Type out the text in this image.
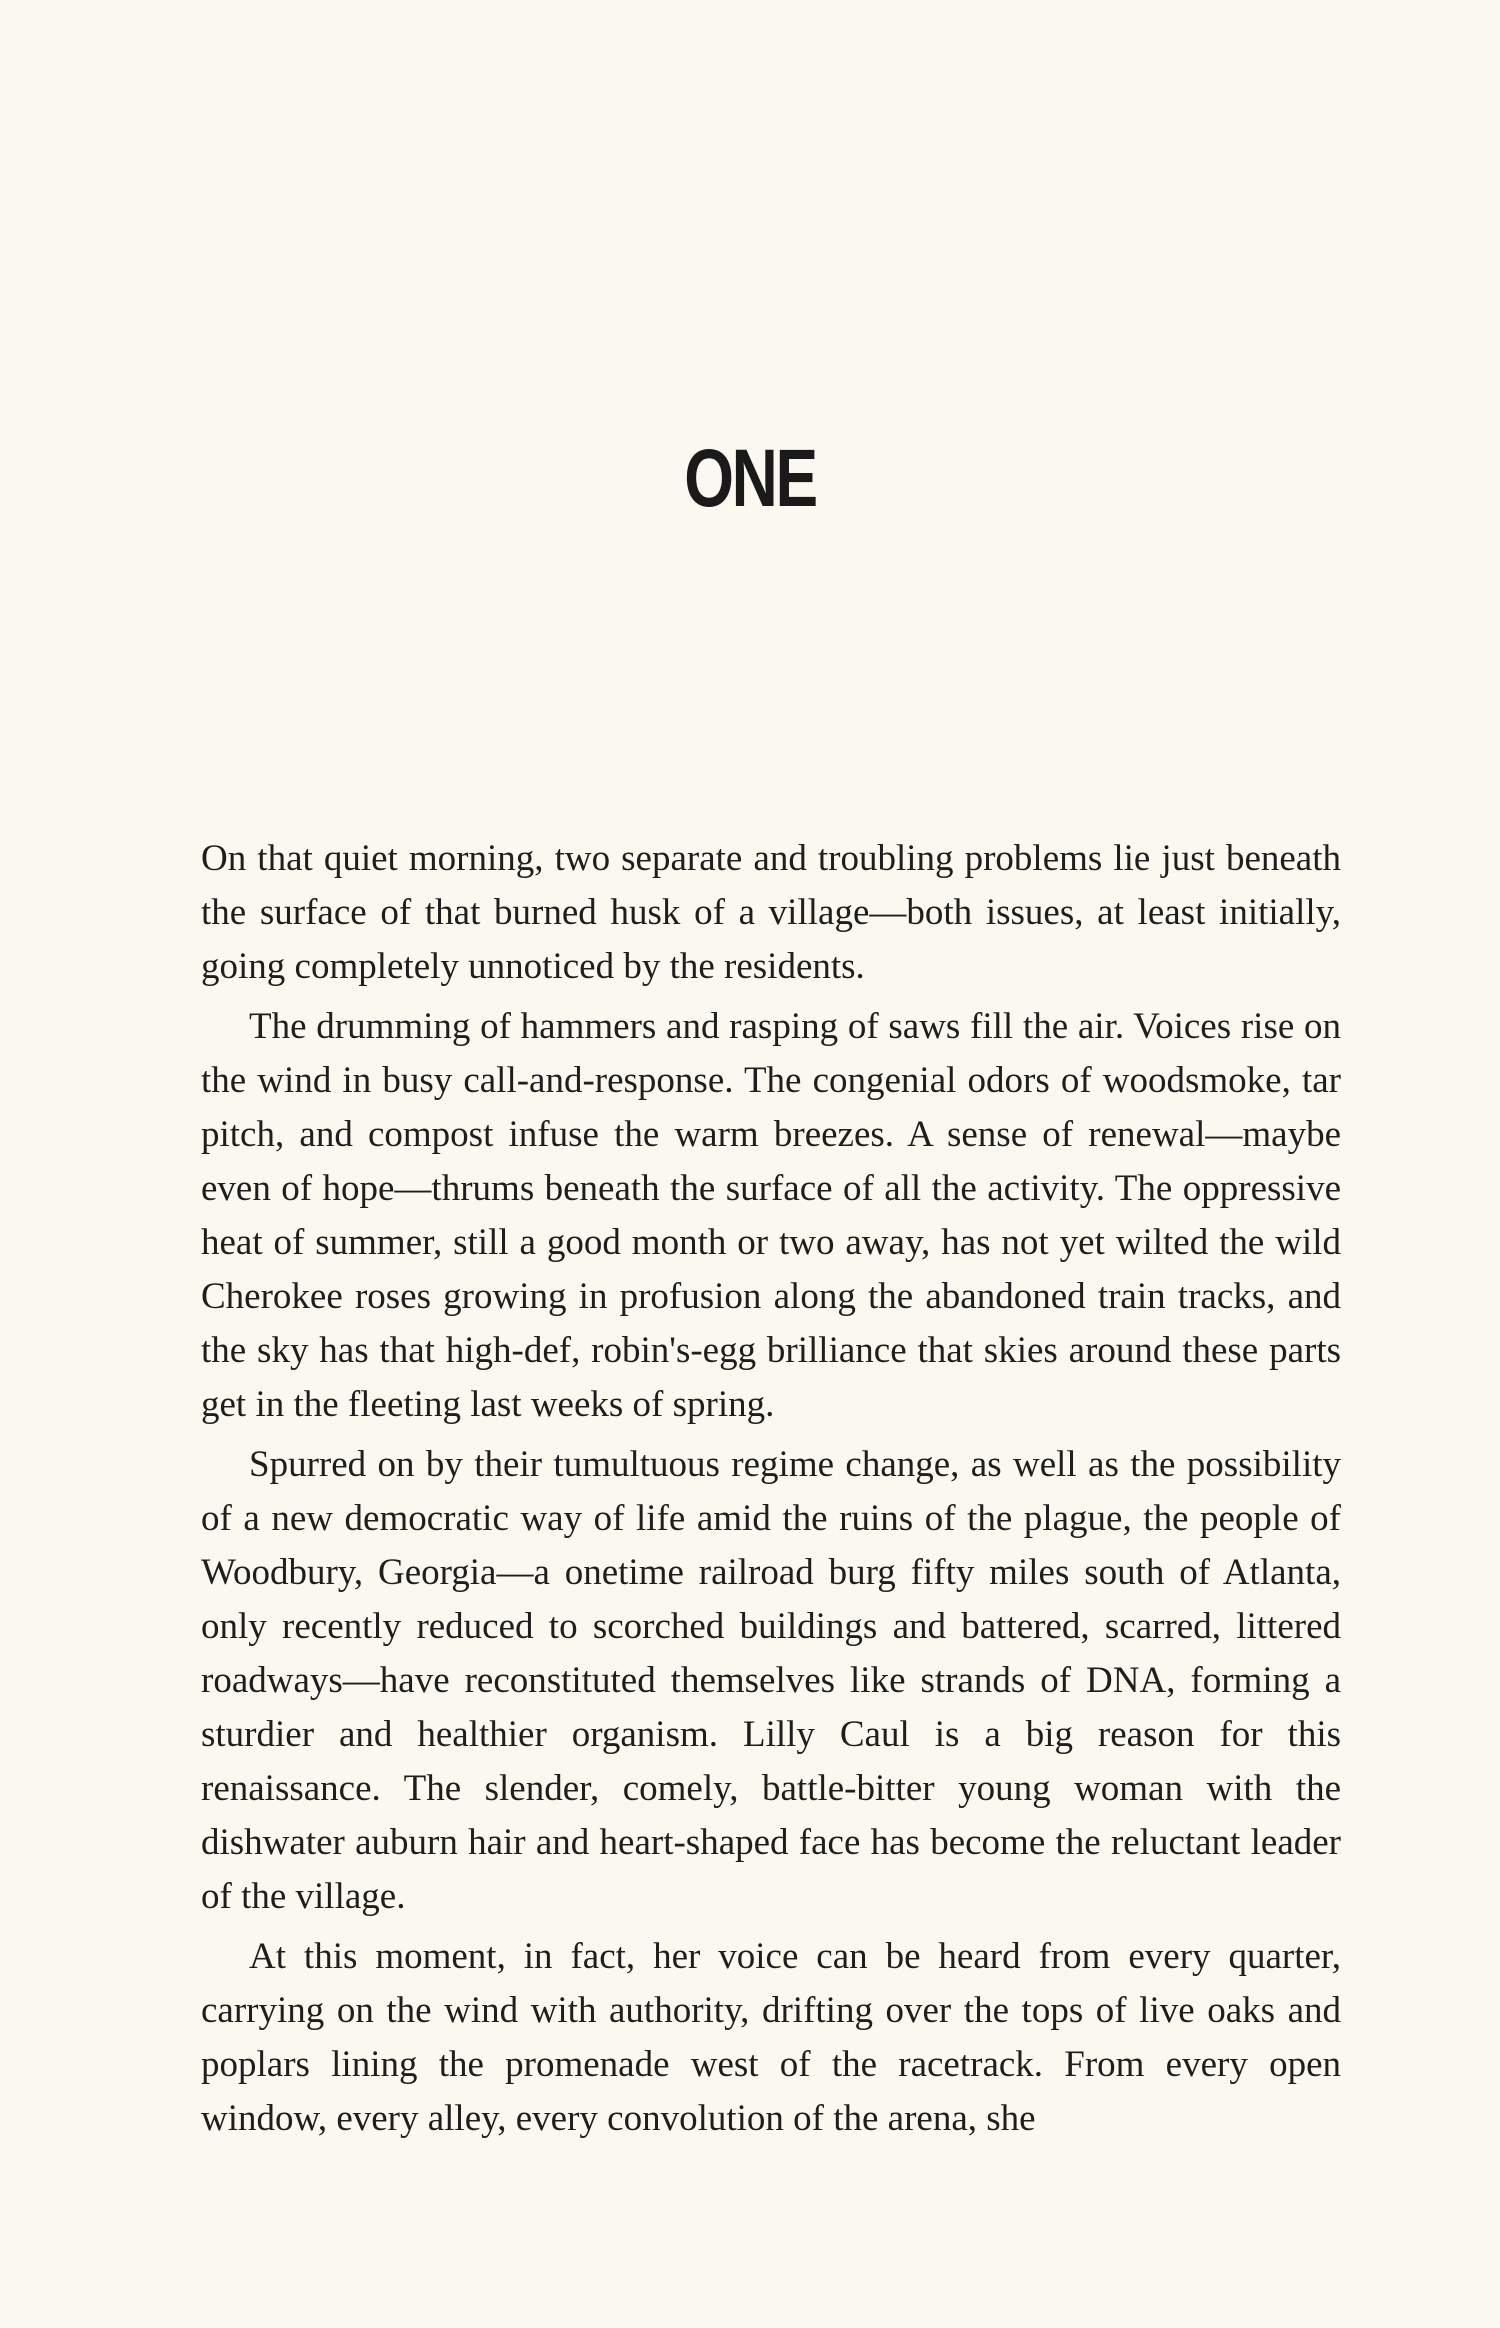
ONE

On that quiet morning, two separate and troubling problems lie just beneath the surface of that burned husk of a village—both issues, at least initially, going completely unnoticed by the residents.

The drumming of hammers and rasping of saws fill the air. Voices rise on the wind in busy call-and-response. The congenial odors of woodsmoke, tar pitch, and compost infuse the warm breezes. A sense of renewal—maybe even of hope—thrums beneath the surface of all the activity. The oppressive heat of summer, still a good month or two away, has not yet wilted the wild Cherokee roses growing in profusion along the abandoned train tracks, and the sky has that high-def, robin's-egg brilliance that skies around these parts get in the fleeting last weeks of spring.

Spurred on by their tumultuous regime change, as well as the possibility of a new democratic way of life amid the ruins of the plague, the people of Woodbury, Georgia—a onetime railroad burg fifty miles south of Atlanta, only recently reduced to scorched buildings and battered, scarred, littered roadways—have reconstituted themselves like strands of DNA, forming a sturdier and healthier organism. Lilly Caul is a big reason for this renaissance. The slender, comely, battle-bitter young woman with the dishwater auburn hair and heart-shaped face has become the reluctant leader of the village.

At this moment, in fact, her voice can be heard from every quarter, carrying on the wind with authority, drifting over the tops of live oaks and poplars lining the promenade west of the racetrack. From every open window, every alley, every convolution of the arena, she
